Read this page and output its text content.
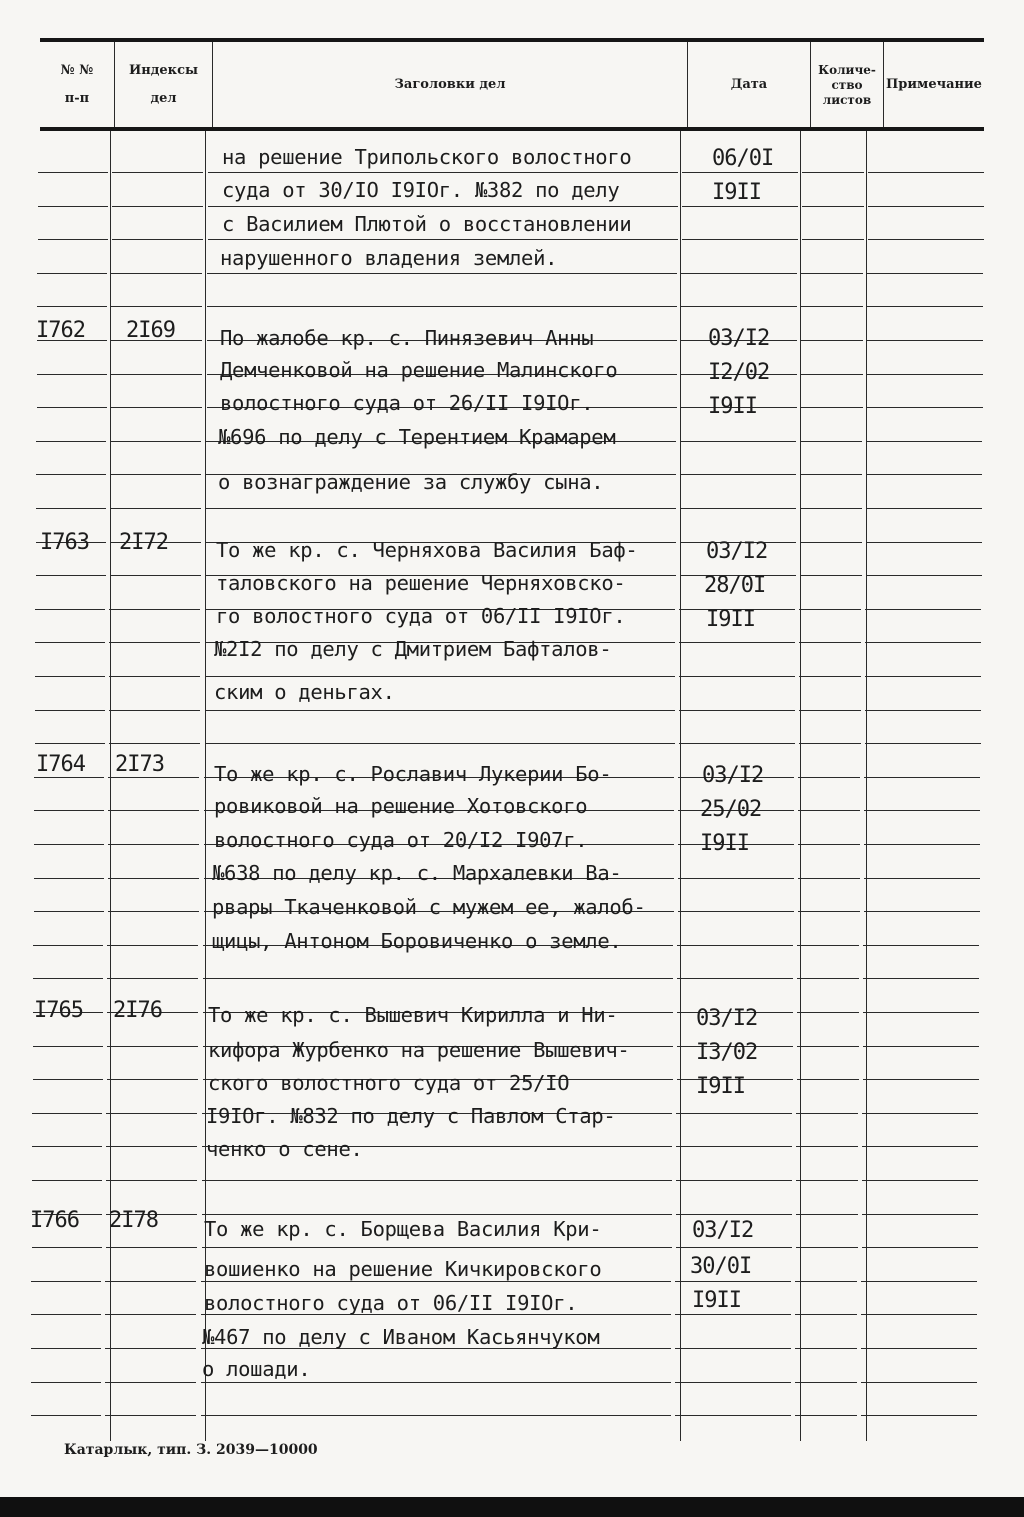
№ №
п-п
Индексы
дел
Заголовки дел	Дата
Количе-ство листов
Примечание
на решение Трипольского волостного
суда от 30/IO I9IOг. №382 по делу
с Василием Плютой о восстановлении
нарушенного владения землей.
06/0I
I9II
I762 2I69 По жалобе кр. с. Пинязевич Анны
Демченковой на решение Малинского
волостного суда от 26/II I9IOг.
№696 по делу с Терентием Крамарем
о вознаграждение за службу сына.
03/I2
I2/02
I9II
I763 2I72 То же кр. с. Черняхова Василия Баф-
таловского на решение Черняховско-
го волостного суда от 06/II I9IOг.
№2I2 по делу с Дмитрием Бафталов-
ским о деньгах.
03/I2
28/0I
I9II
I764 2I73 То же кр. с. Рославич Лукерии Бо-
ровиковой на решение Хотовского
волостного суда от 20/I2 I907г.
№638 по делу кр. с. Мархалевки Ва-
рвары Ткаченковой с мужем ее, жалоб-
щицы, Антоном Боровиченко о земле.
03/I2
25/02
I9II
I765 2I76 То же кр. с. Вышевич Кирилла и Ни-
кифора Журбенко на решение Вышевич-
ского волостного суда от 25/IO
I9IOг. №832 по делу с Павлом Стар-
ченко о сене.
03/I2
I3/02
I9II
I766 2I78 То же кр. с. Борщева Василия Кри-
вошиенко на решение Кичкировского
волостного суда от 06/II I9IOг.
№467 по делу с Иваном Касьянчуком
о лошади.
03/I2
30/0I
I9II
Катарлык, тип. З. 2039—10000
